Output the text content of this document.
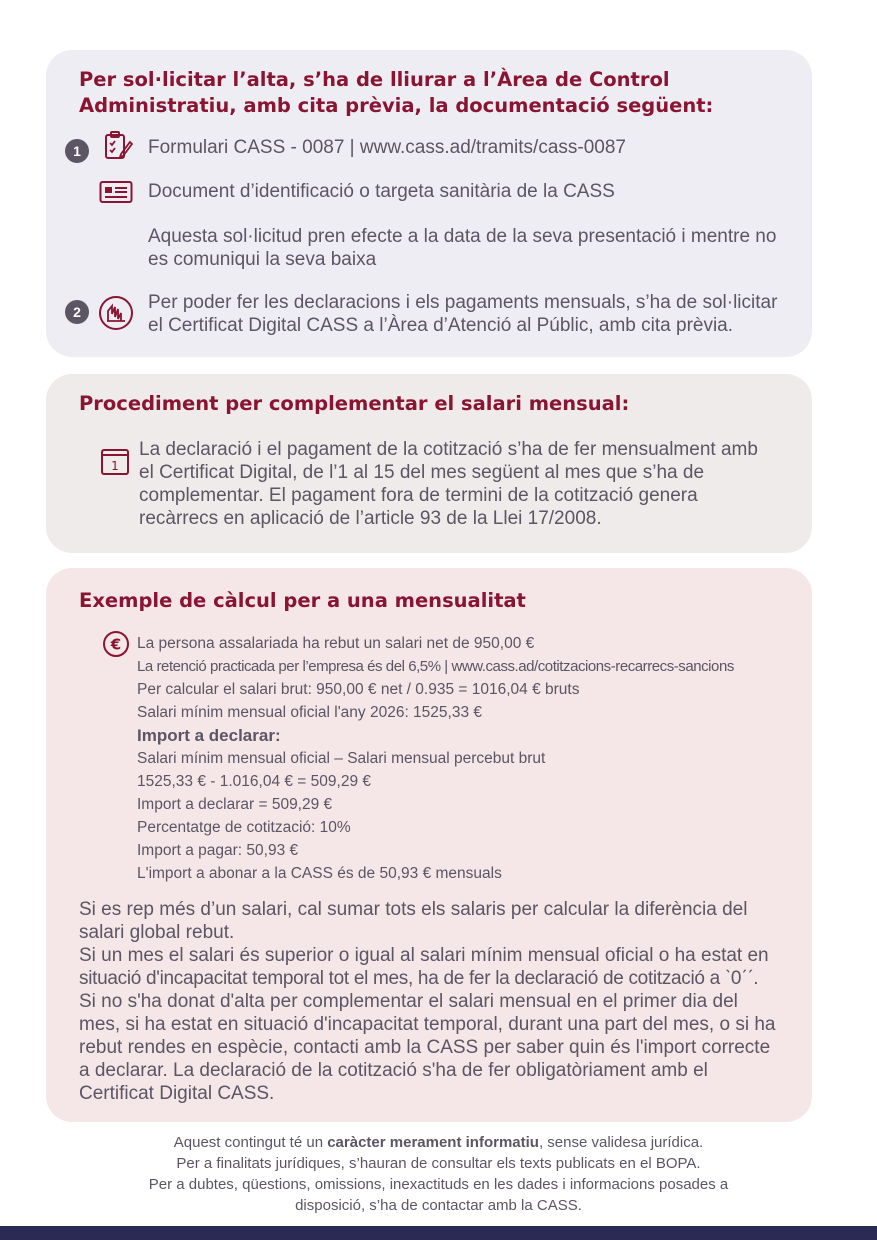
Per sol·licitar l’alta, s’ha de lliurar a l’Àrea de Control
Administratiu, amb cita prèvia, la documentació següent:
1	Formulari CASS - 0087 | www.cass.ad/tramits/cass-0087
Document d’identificació o targeta sanitària de la CASS
Aquesta sol·licitud pren efecte a la data de la seva presentació i mentre no
es comuniqui la seva baixa
2	Per poder fer les declaracions i els pagaments mensuals, s’ha de sol·licitar
el Certificat Digital CASS a l’Àrea d’Atenció al Públic, amb cita prèvia.
Procediment per complementar el salari mensual:
1
La declaració i el pagament de la cotització s’ha de fer mensualment amb
el Certificat Digital, de l’1 al 15 del mes següent al mes que s’ha de
complementar. El pagament fora de termini de la cotització genera
recàrrecs en aplicació de l’article 93 de la Llei 17/2008.
Exemple de càlcul per a una mensualitat
€ La persona assalariada ha rebut un salari net de 950,00 €
La retenció practicada per l’empresa és del 6,5% | www.cass.ad/cotitzacions-recarrecs-sancions
Per calcular el salari brut: 950,00 € net / 0.935 = 1016,04 € bruts
Salari mínim mensual oficial l'any 2026: 1525,33 €
Import a declarar:
Salari mínim mensual oficial – Salari mensual percebut brut
1525,33 € - 1.016,04 € = 509,29 €
Import a declarar = 509,29 €
Percentatge de cotització: 10%
Import a pagar: 50,93 €
L'import a abonar a la CASS és de 50,93 € mensuals
Si es rep més d’un salari, cal sumar tots els salaris per calcular la diferència del
salari global rebut.
Si un mes el salari és superior o igual al salari mínim mensual oficial o ha estat en
situació d'incapacitat temporal tot el mes, ha de fer la declaració de cotització a ˋ0ˊˊ.
Si no s'ha donat d'alta per complementar el salari mensual en el primer dia del
mes, si ha estat en situació d'incapacitat temporal, durant una part del mes, o si ha
rebut rendes en espècie, contacti amb la CASS per saber quin és l'import correcte
a declarar. La declaració de la cotització s'ha de fer obligatòriament amb el
Certificat Digital CASS.
Aquest contingut té un caràcter merament informatiu, sense validesa jurídica.
Per a finalitats jurídiques, s’hauran de consultar els texts publicats en el BOPA.
Per a dubtes, qüestions, omissions, inexactituds en les dades i informacions posades a
disposició, s’ha de contactar amb la CASS.
